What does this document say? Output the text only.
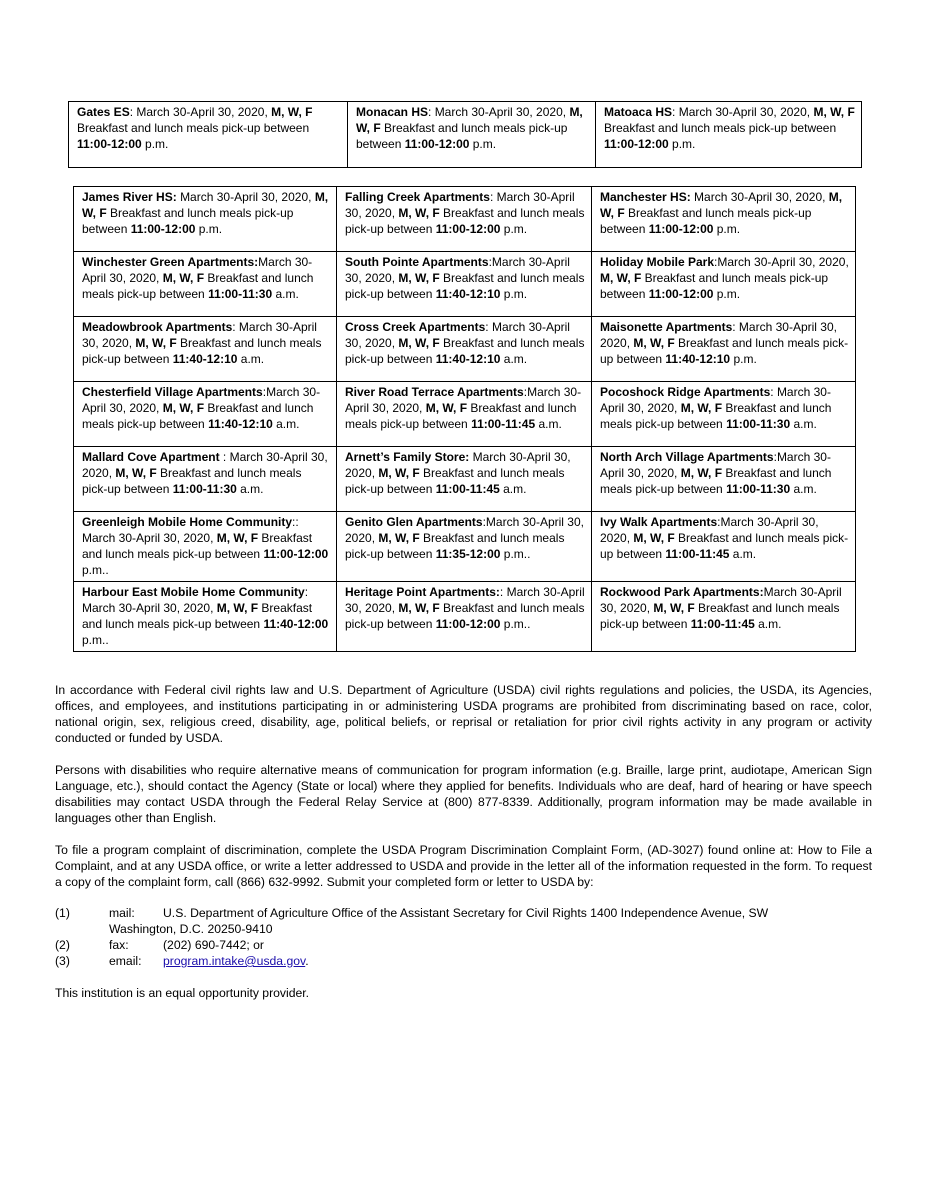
Gates ES: March 30-April 30, 2020, M, W, F Breakfast and lunch meals pick-up between 11:00-12:00 p.m.	Monacan HS: March 30-April 30, 2020, M, W, F Breakfast and lunch meals pick-up between 11:00-12:00 p.m.	Matoaca HS: March 30-April 30, 2020, M, W, F Breakfast and lunch meals pick-up between 11:00-12:00 p.m.
James River HS: March 30-April 30, 2020, M, W, F Breakfast and lunch meals pick-up between 11:00-12:00 p.m.	Falling Creek Apartments: March 30-April 30, 2020, M, W, F Breakfast and lunch meals pick-up between 11:00-12:00 p.m.	Manchester HS: March 30-April 30, 2020, M, W, F Breakfast and lunch meals pick-up between 11:00-12:00 p.m.
Winchester Green Apartments:March 30-April 30, 2020, M, W, F Breakfast and lunch meals pick-up between 11:00-11:30 a.m.	South Pointe Apartments:March 30-April 30, 2020, M, W, F Breakfast and lunch meals pick-up between 11:40-12:10 p.m.	Holiday Mobile Park:March 30-April 30, 2020, M, W, F Breakfast and lunch meals pick-up between 11:00-12:00 p.m.
Meadowbrook Apartments: March 30-April 30, 2020, M, W, F Breakfast and lunch meals pick-up between 11:40-12:10 a.m.	Cross Creek Apartments: March 30-April 30, 2020, M, W, F Breakfast and lunch meals pick-up between 11:40-12:10 a.m.	Maisonette Apartments: March 30-April 30, 2020, M, W, F Breakfast and lunch meals pick-up between 11:40-12:10 p.m.
Chesterfield Village Apartments:March 30-April 30, 2020, M, W, F Breakfast and lunch meals pick-up between 11:40-12:10 a.m.	River Road Terrace Apartments:March 30-April 30, 2020, M, W, F Breakfast and lunch meals pick-up between 11:00-11:45 a.m.	Pocoshock Ridge Apartments: March 30-April 30, 2020, M, W, F Breakfast and lunch meals pick-up between 11:00-11:30 a.m.
Mallard Cove Apartment : March 30-April 30, 2020, M, W, F Breakfast and lunch meals pick-up between 11:00-11:30 a.m.	Arnett’s Family Store: March 30-April 30, 2020, M, W, F Breakfast and lunch meals pick-up between 11:00-11:45 a.m.	North Arch Village Apartments:March 30-April 30, 2020, M, W, F Breakfast and lunch meals pick-up between 11:00-11:30 a.m.
Greenleigh Mobile Home Community:: March 30-April 30, 2020, M, W, F Breakfast and lunch meals pick-up between 11:00-12:00 p.m..	Genito Glen Apartments:March 30-April 30, 2020, M, W, F Breakfast and lunch meals pick-up between 11:35-12:00 p.m..	Ivy Walk Apartments:March 30-April 30, 2020, M, W, F Breakfast and lunch meals pick-up between 11:00-11:45 a.m.
Harbour East Mobile Home Community: March 30-April 30, 2020, M, W, F Breakfast and lunch meals pick-up between 11:40-12:00 p.m..	Heritage Point Apartments:: March 30-April 30, 2020, M, W, F Breakfast and lunch meals pick-up between 11:00-12:00 p.m..	Rockwood Park Apartments:March 30-April 30, 2020, M, W, F Breakfast and lunch meals pick-up between 11:00-11:45 a.m.

In accordance with Federal civil rights law and U.S. Department of Agriculture (USDA) civil rights regulations and policies, the USDA, its Agencies, offices, and employees, and institutions participating in or administering USDA programs are prohibited from discriminating based on race, color, national origin, sex, religious creed, disability, age, political beliefs, or reprisal or retaliation for prior civil rights activity in any program or activity conducted or funded by USDA.

Persons with disabilities who require alternative means of communication for program information (e.g. Braille, large print, audiotape, American Sign Language, etc.), should contact the Agency (State or local) where they applied for benefits. Individuals who are deaf, hard of hearing or have speech disabilities may contact USDA through the Federal Relay Service at (800) 877-8339. Additionally, program information may be made available in languages other than English.

To file a program complaint of discrimination, complete the USDA Program Discrimination Complaint Form, (AD-3027) found online at: How to File a Complaint, and at any USDA office, or write a letter addressed to USDA and provide in the letter all of the information requested in the form. To request a copy of the complaint form, call (866) 632-9992. Submit your completed form or letter to USDA by:

(1)	mail: U.S. Department of Agriculture Office of the Assistant Secretary for Civil Rights 1400 Independence Avenue, SW
Washington, D.C. 20250-9410
(2)	fax:	(202) 690-7442; or
(3)	email: program.intake@usda.gov.

This institution is an equal opportunity provider.
